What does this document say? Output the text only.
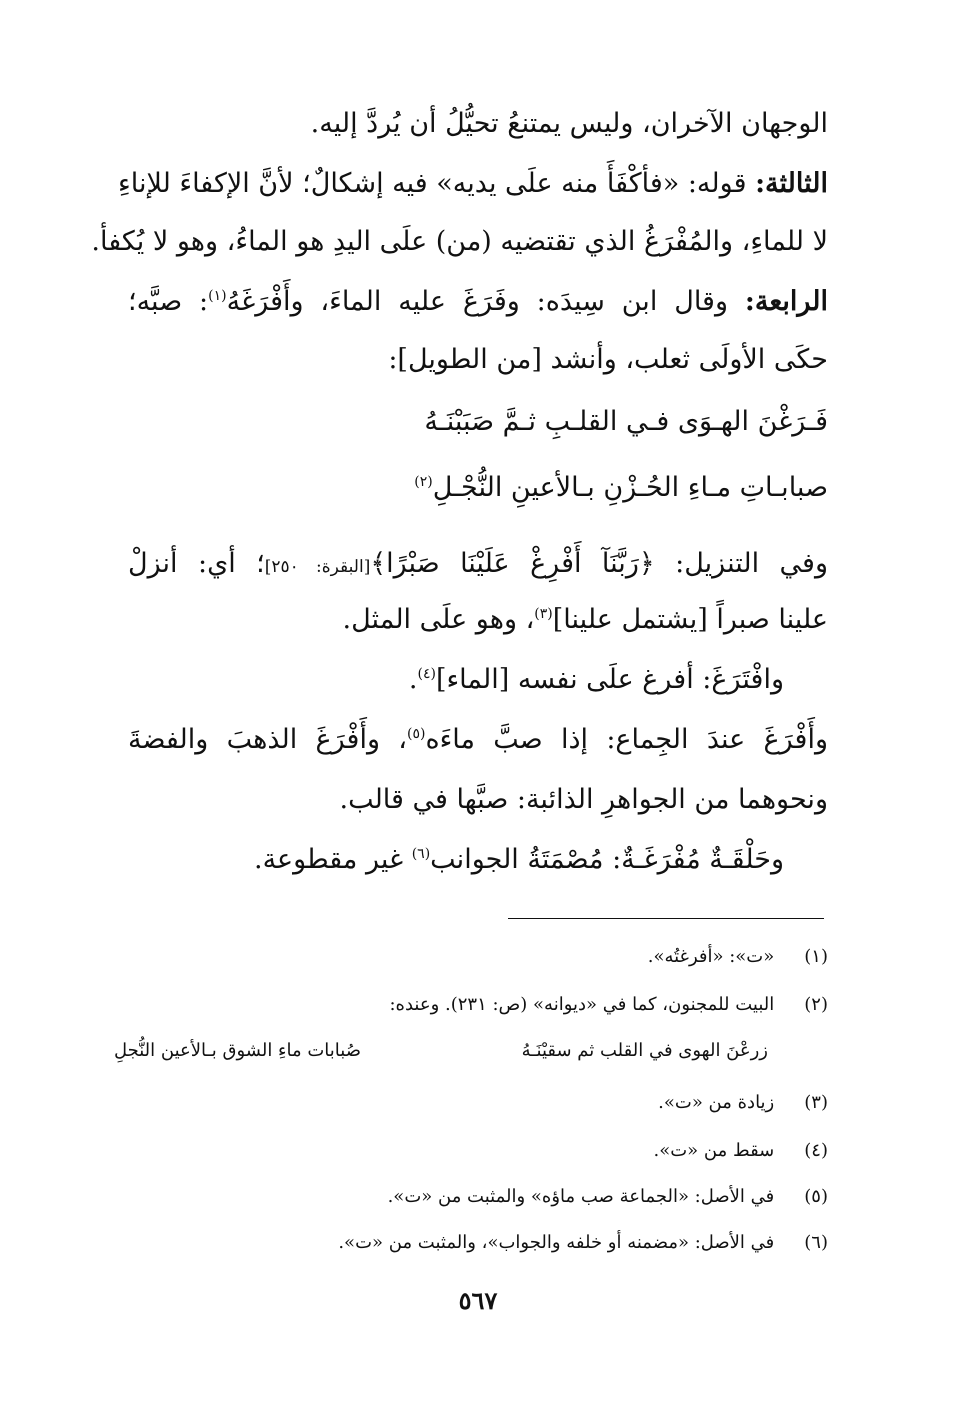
الوجهان الآخران، وليس يمتنعُ تحيُّلُ أن يُردَّ إليه.
الثالثة: قوله: «فأكْفَأَ منه علَى يديه» فيه إشكالٌ؛ لأنَّ الإكفاءَ للإناءِ
لا للماءِ، والمُفْرَغُ الذي تقتضيه (من) علَى اليدِ هو الماءُ، وهو لا يُكفأ.
الرابعة: وقال ابن سِيدَه: وفَرَغَ عليه الماءَ، وأَفْرَغَهُ$^{(١)}$: صبَّه؛
حكَى الأولَى ثعلب، وأنشد [من الطويل]:
فَـرَغْنَ الهـوَى فـي القلـبِ ثـمَّ صَبَبْنَـهُ
صبابـاتِ مـاءِ الحُـزْنِ بـالأعينِ النُّجْـلِ$^{(٢)}$
وفي التنزيل: ﴿رَبَّنَآ أَفْرِغْ عَلَيْنَا صَبْرًا﴾[البقرة: ٢٥٠]؛ أي: أنزلْ
علينا صبراً [يشتمل علينا]$^{(٣)}$، وهو علَى المثل.
وافْتَرَغَ: أفرغ علَى نفسه [الماء]$^{(٤)}$.
وأَفْرَغَ عندَ الجِماع: إذا صبَّ ماءَه$^{(٥)}$، وأَفْرَغَ الذهبَ والفضةَ
ونحوهما من الجواهرِ الذائبة: صبَّها في قالب.
وحَلْقَـةٌ مُفْرَغَـةٌ: مُصْمَتَةُ الجوانب$^{(٦)}$ غير مقطوعة.
(١) «ت»: «أفرغتُه».
(٢) البيت للمجنون، كما في «ديوانه» (ص: ٢٣١). وعنده:
زرعْنَ الهوى في القلب ثم سقيْنَـهُ
صُبابات ماءِ الشوق بـالأعين النُّجلِ
(٣) زيادة من «ت».
(٤) سقط من «ت».
(٥) في الأصل: «الجماعة صب ماؤه» والمثبت من «ت».
(٦) في الأصل: «مضمنه أو خلفه والجواب»، والمثبت من «ت».
٥٦٧
